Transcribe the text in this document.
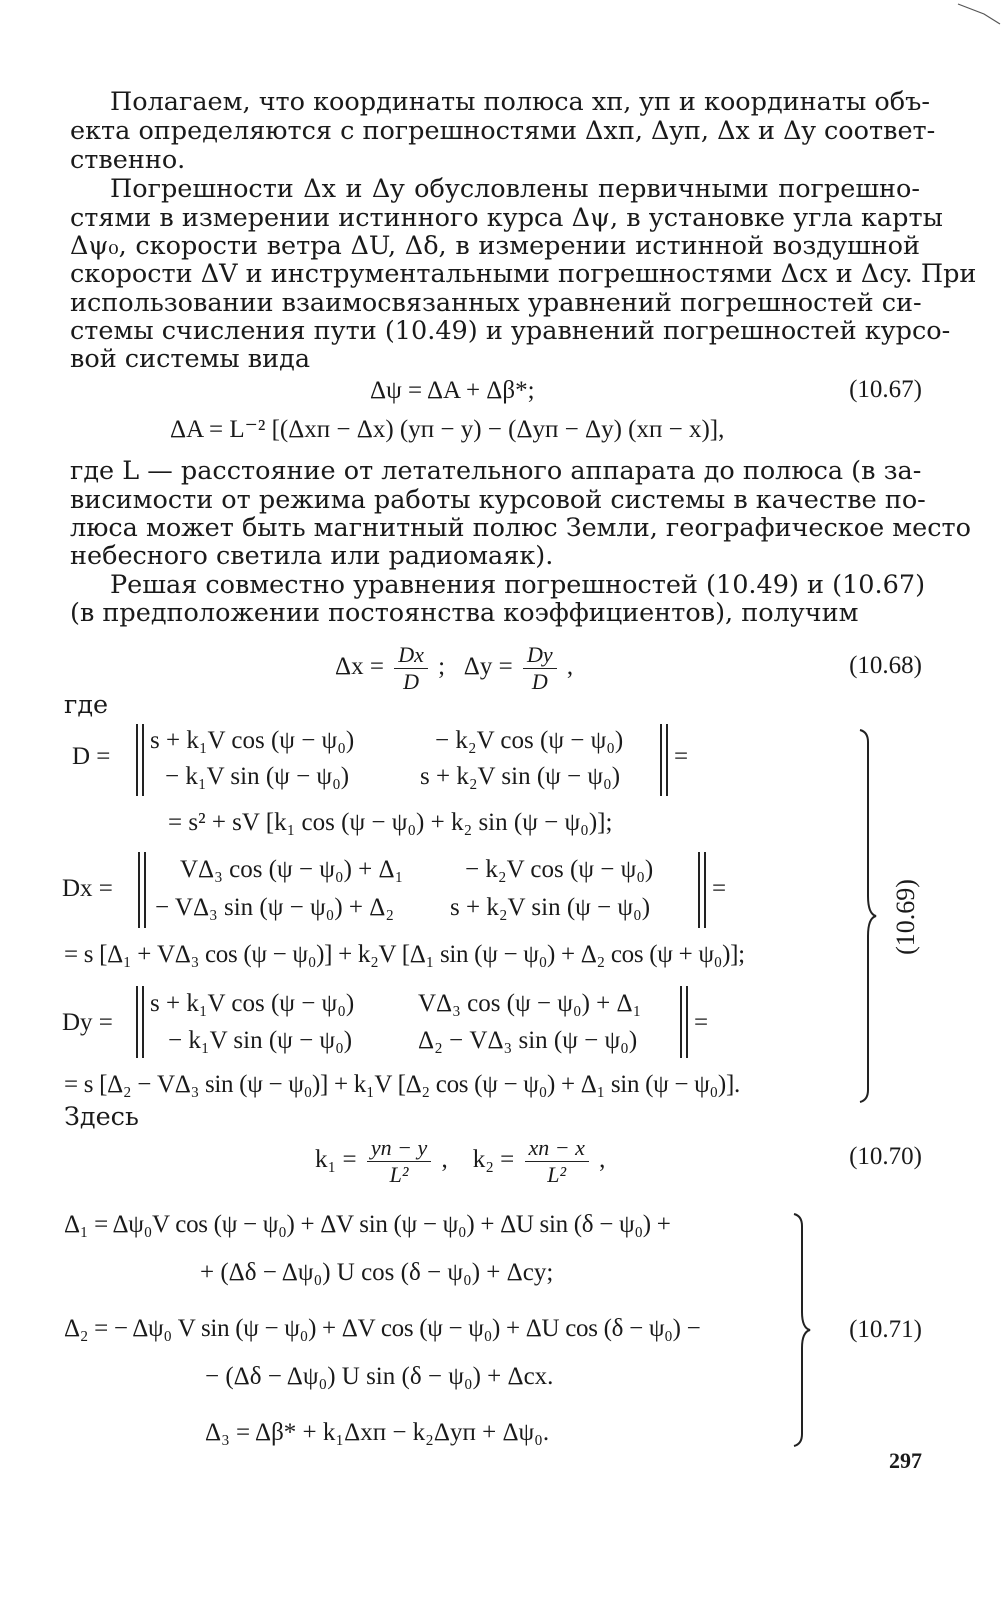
Полагаем, что координаты полюса xп, yп и координаты объ-
екта определяются с погрешностями Δxп, Δyп, Δx и Δy соответ-
ственно.
Погрешности Δx и Δy обусловлены первичными погрешно-
стями в измерении истинного курса Δψ, в установке угла карты
Δψ₀, скорости ветра ΔU, Δδ, в измерении истинной воздушной
скорости ΔV и инструментальными погрешностями Δcx и Δcy. При
использовании взаимосвязанных уравнений погрешностей си-
стемы счисления пути (10.49) и уравнений погрешностей курсо-
вой системы вида
Δψ = ΔA + Δβ*;	(10.67)
ΔA = L⁻² [(Δxп − Δx) (yп − y) − (Δyп − Δy) (xп − x)],
где L — расстояние от летательного аппарата до полюса (в за-
висимости от режима работы курсовой системы в качестве по-
люса может быть магнитный полюс Земли, географическое место
небесного светила или радиомаяк).
Решая совместно уравнения погрешностей (10.49) и (10.67)
(в предположении постоянства коэффициентов), получим
$\Delta x = \frac{Dx}{D}$ ; $\Delta y = \frac{Dy}{D}$ ,	(10.68)
где
D =
s + k₁V cos (ψ − ψ₀)	− k₂V cos (ψ − ψ₀)
− k₁V sin (ψ − ψ₀)	s + k₂V sin (ψ − ψ₀)
=
= s² + sV [k₁ cos (ψ − ψ₀) + k₂ sin (ψ − ψ₀)];
Dx =
VΔ₃ cos (ψ − ψ₀) + Δ₁ − k₂V cos (ψ − ψ₀)
− VΔ₃ sin (ψ − ψ₀) + Δ₂ s + k₂V sin (ψ − ψ₀)
=
= s [Δ₁ + VΔ₃ cos (ψ − ψ₀)] + k₂V [Δ₁ sin (ψ − ψ₀) + Δ₂ cos (ψ + ψ₀)];
Dy =
s + k₁V cos (ψ − ψ₀)	VΔ₃ cos (ψ − ψ₀) + Δ₁
− k₁V sin (ψ − ψ₀)	Δ₂ − VΔ₃ sin (ψ − ψ₀)
=
= s [Δ₂ − VΔ₃ sin (ψ − ψ₀)] + k₁V [Δ₂ cos (ψ − ψ₀) + Δ₁ sin (ψ − ψ₀)].
(10.69)
Здесь
$k_1 = \frac{yп - y}{\text{L²}}$ , $k_2 = \frac{xп - x}{\text{L²}}$ ,	(10.70)
Δ₁ = Δψ₀V cos (ψ − ψ₀) + ΔV sin (ψ − ψ₀) + ΔU sin (δ − ψ₀) +
+ (Δδ − Δψ₀) U cos (δ − ψ₀) + Δcy;
Δ₂ = − Δψ₀ V sin (ψ − ψ₀) + ΔV cos (ψ − ψ₀) + ΔU cos (δ − ψ₀) −
− (Δδ − Δψ₀) U sin (δ − ψ₀) + Δcx.
Δ₃ = Δβ* + k₁Δxп − k₂Δyп + Δψ₀.
(10.71)
297
